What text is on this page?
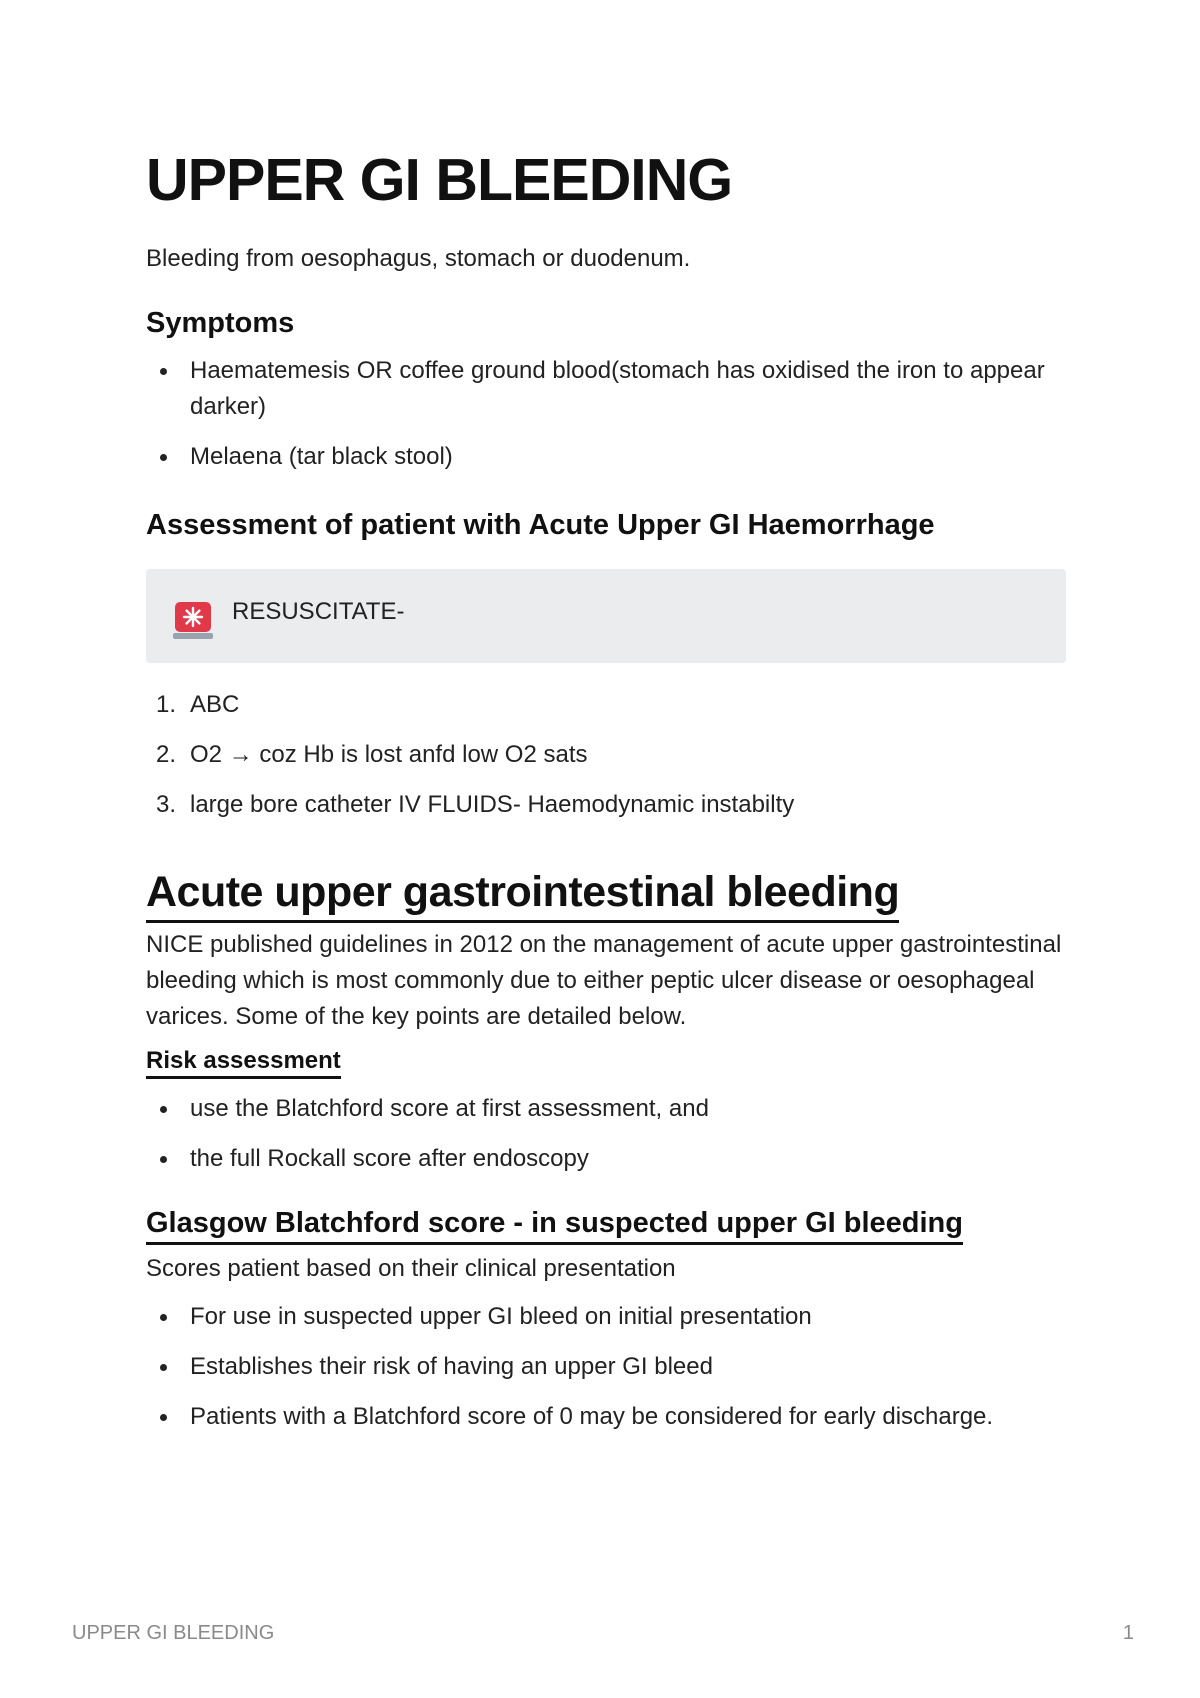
UPPER GI BLEEDING

Bleeding from oesophagus, stomach or duodenum.

Symptoms
Haematemesis OR coffee ground blood(stomach has oxidised the iron to appear darker)
Melaena (tar black stool)
Assessment of patient with Acute Upper GI Haemorrhage
RESUSCITATE-
1. ABC
2. O2 → coz Hb is lost anfd low O2 sats
3. large bore catheter IV FLUIDS- Haemodynamic instabilty
Acute upper gastrointestinal bleeding

NICE published guidelines in 2012 on the management of acute upper gastrointestinal bleeding which is most commonly due to either peptic ulcer disease or oesophageal varices. Some of the key points are detailed below.

Risk assessment
use the Blatchford score at first assessment, and
the full Rockall score after endoscopy
Glasgow Blatchford score - in suspected upper GI bleeding

Scores patient based on their clinical presentation

For use in suspected upper GI bleed on initial presentation
Establishes their risk of having an upper GI bleed
Patients with a Blatchford score of 0 may be considered for early discharge.
UPPER GI BLEEDING	1
